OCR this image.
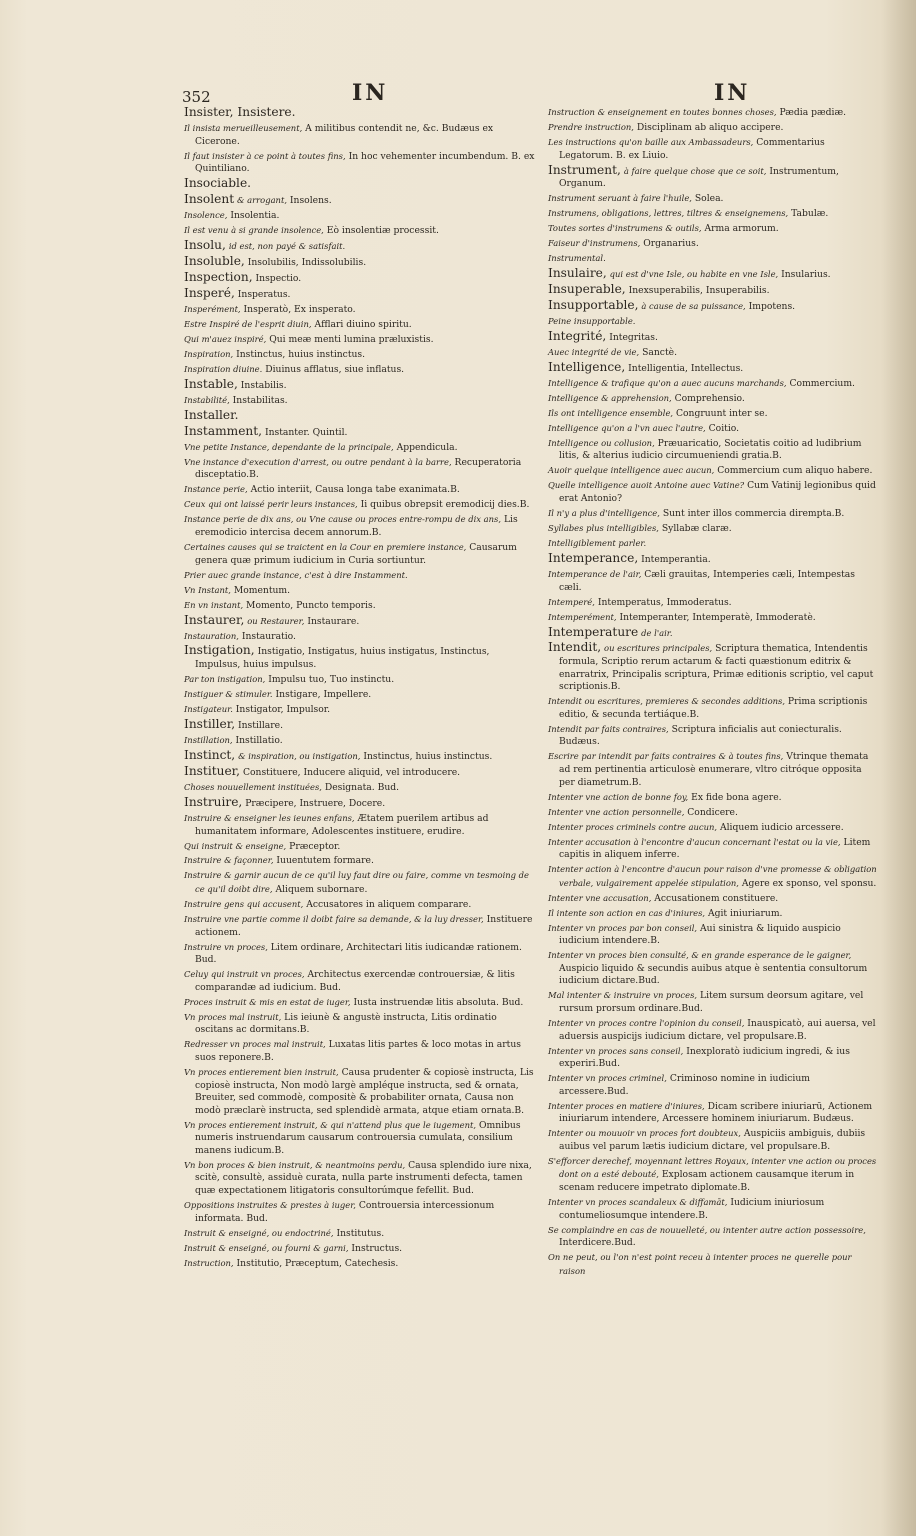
352	IN	IN

Insister, Insistere.

Il insista merueilleusement, A militibus contendit ne, &c. Budæus ex Cicerone.

Il faut insister à ce point à toutes fins, In hoc vehementer incumbendum. B. ex Quintiliano.

Insociable.

Insolent & arrogant, Insolens.

Insolence, Insolentia.

Il est venu à si grande insolence, Eò insolentiæ processit.

Insolu, id est, non payé & satisfait.

Insoluble, Insolubilis, Indissolubilis.

Inspection, Inspectio.

Insperé, Insperatus.

Insperément, Insperatò, Ex insperato.

Estre Inspiré de l'esprit diuin, Afflari diuino spiritu.

Qui m'auez inspiré, Qui meæ menti lumina præluxistis.

Inspiration, Instinctus, huius instinctus.

Inspiration diuine. Diuinus afflatus, siue inflatus.

Instable, Instabilis.

Instabilité, Instabilitas.

Installer.

Instamment, Instanter. Quintil.

Vne petite Instance, dependante de la principale, Appendicula.

Vne instance d'execution d'arrest, ou outre pendant à la barre, Recuperatoria disceptatio.B.

Instance perie, Actio interiit, Causa longa tabe exanimata.B.

Ceux qui ont laissé perir leurs instances, Ii quibus obrepsit eremodicij dies.B.

Instance perie de dix ans, ou Vne cause ou proces entre-rompu de dix ans, Lis eremodicio intercisa decem annorum.B.

Certaines causes qui se traictent en la Cour en premiere instance, Causarum genera quæ primum iudicium in Curia sortiuntur.

Prier auec grande instance, c'est à dire Instamment.

Vn Instant, Momentum.

En vn instant, Momento, Puncto temporis.

Instaurer, ou Restaurer, Instaurare.

Instauration, Instauratio.

Instigation, Instigatio, Instigatus, huius instigatus, Instinctus, Impulsus, huius impulsus.

Par ton instigation, Impulsu tuo, Tuo instinctu.

Instiguer & stimuler. Instigare, Impellere.

Instigateur. Instigator, Impulsor.

Instiller, Instillare.

Instillation, Instillatio.

Instinct, & inspiration, ou instigation, Instinctus, huius instinctus.

Instituer, Constituere, Inducere aliquid, vel introducere.

Choses nouuellement instituées, Designata. Bud.

Instruire, Præcipere, Instruere, Docere.

Instruire & enseigner les ieunes enfans, Ætatem puerilem artibus ad humanitatem informare, Adolescentes instituere, erudire.

Qui instruit & enseigne, Præceptor.

Instruire & façonner, Iuuentutem formare.

Instruire & garnir aucun de ce qu'il luy faut dire ou faire, comme vn tesmoing de ce qu'il doibt dire, Aliquem subornare.

Instruire gens qui accusent, Accusatores in aliquem comparare.

Instruire vne partie comme il doibt faire sa demande, & la luy dresser, Instituere actionem.

Instruire vn proces, Litem ordinare, Architectari litis iudicandæ rationem. Bud.

Celuy qui instruit vn proces, Architectus exercendæ controuersiæ, & litis comparandæ ad iudicium. Bud.

Proces instruit & mis en estat de iuger, Iusta instruendæ litis absoluta. Bud.

Vn proces mal instruit, Lis ieiunè & angustè instructa, Litis ordinatio oscitans ac dormitans.B.

Redresser vn proces mal instruit, Luxatas litis partes & loco motas in artus suos reponere.B.

Vn proces entierement bien instruit, Causa prudenter & copiosè instructa, Lis copiosè instructa, Non modò largè ampléque instructa, sed & ornata, Breuiter, sed commodè, compositè & probabiliter ornata, Causa non modò præclarè instructa, sed splendidè armata, atque etiam ornata.B.

Vn proces entierement instruit, & qui n'attend plus que le iugement, Omnibus numeris instruendarum causarum controuersia cumulata, consilium manens iudicum.B.

Vn bon proces & bien instruit, & neantmoins perdu, Causa splendido iure nixa, scitè, consultè, assiduè curata, nulla parte instrumenti defecta, tamen quæ expectationem litigatoris consultorúmque fefellit. Bud.

Oppositions instruites & prestes à iuger, Controuersia intercessionum informata. Bud.

Instruit & enseigné, ou endoctriné, Institutus.

Instruit & enseigné, ou fourni & garni, Instructus.

Instruction, Institutio, Præceptum, Catechesis.

Instruction & enseignement en toutes bonnes choses, Pædia pædiæ.

Prendre instruction, Disciplinam ab aliquo accipere.

Les instructions qu'on baille aux Ambassadeurs, Commentarius Legatorum. B. ex Liuio.

Instrument, à faire quelque chose que ce soit, Instrumentum, Organum.

Instrument seruant à faire l'huile, Solea.

Instrumens, obligations, lettres, tiltres & enseignemens, Tabulæ.

Toutes sortes d'instrumens & outils, Arma armorum.

Faiseur d'instrumens, Organarius.

Instrumental.

Insulaire, qui est d'vne Isle, ou habite en vne Isle, Insularius.

Insuperable, Inexsuperabilis, Insuperabilis.

Insupportable, à cause de sa puissance, Impotens.

Peine insupportable.

Integrité, Integritas.

Auec integrité de vie, Sanctè.

Intelligence, Intelligentia, Intellectus.

Intelligence & trafique qu'on a auec aucuns marchands, Commercium.

Intelligence & apprehension, Comprehensio.

Ils ont intelligence ensemble, Congruunt inter se.

Intelligence qu'on a l'vn auec l'autre, Coitio.

Intelligence ou collusion, Præuaricatio, Societatis coitio ad ludibrium litis, & alterius iudicio circumueniendi gratia.B.

Auoir quelque intelligence auec aucun, Commercium cum aliquo habere.

Quelle intelligence auoit Antoine auec Vatine? Cum Vatinij legionibus quid erat Antonio?

Il n'y a plus d'intelligence, Sunt inter illos commercia dirempta.B.

Syllabes plus intelligibles, Syllabæ claræ.

Intelligiblement parler.

Intemperance, Intemperantia.

Intemperance de l'air, Cæli grauitas, Intemperies cæli, Intempestas cæli.

Intemperé, Intemperatus, Immoderatus.

Intemperément, Intemperanter, Intemperatè, Immoderatè.

Intemperature de l'air.

Intendit, ou escritures principales, Scriptura thematica, Intendentis formula, Scriptio rerum actarum & facti quæstionum editrix & enarratrix, Principalis scriptura, Primæ editionis scriptio, vel caput scriptionis.B.

Intendit ou escritures, premieres & secondes additions, Prima scriptionis editio, & secunda tertiáque.B.

Intendit par faits contraires, Scriptura inficialis aut coniecturalis. Budæus.

Escrire par intendit par faits contraires & à toutes fins, Vtrinque themata ad rem pertinentia articulosè enumerare, vltro citróque opposita per diametrum.B.

Intenter vne action de bonne foy, Ex fide bona agere.

Intenter vne action personnelle, Condicere.

Intenter proces criminels contre aucun, Aliquem iudicio arcessere.

Intenter accusation à l'encontre d'aucun concernant l'estat ou la vie, Litem capitis in aliquem inferre.

Intenter action à l'encontre d'aucun pour raison d'vne promesse & obligation verbale, vulgairement appelée stipulation, Agere ex sponso, vel sponsu.

Intenter vne accusation, Accusationem constituere.

Il intente son action en cas d'iniures, Agit iniuriarum.

Intenter vn proces par bon conseil, Aui sinistra & liquido auspicio iudicium intendere.B.

Intenter vn proces bien consulté, & en grande esperance de le gaigner, Auspicio liquido & secundis auibus atque è sententia consultorum iudicium dictare.Bud.

Mal intenter & instruire vn proces, Litem sursum deorsum agitare, vel rursum prorsum ordinare.Bud.

Intenter vn proces contre l'opinion du conseil, Inauspicatò, aui auersa, vel aduersis auspicijs iudicium dictare, vel propulsare.B.

Intenter vn proces sans conseil, Inexploratò iudicium ingredi, & ius experiri.Bud.

Intenter vn proces criminel, Criminoso nomine in iudicium arcessere.Bud.

Intenter proces en matiere d'iniures, Dicam scribere iniuriarū, Actionem iniuriarum intendere, Arcessere hominem iniuriarum. Budæus.

Intenter ou mouuoir vn proces fort doubteux, Auspiciis ambiguis, dubiis auibus vel parum lætis iudicium dictare, vel propulsare.B.

S'efforcer derechef, moyennant lettres Royaux, intenter vne action ou proces dont on a esté debouté, Explosam actionem causamque iterum in scenam reducere impetrato diplomate.B.

Intenter vn proces scandaleux & diffamāt, Iudicium iniuriosum contumeliosumque intendere.B.

Se complaindre en cas de nouuelleté, ou intenter autre action possessoire, Interdicere.Bud.

On ne peut, ou l'on n'est point receu à intenter proces ne querelle pour raison
